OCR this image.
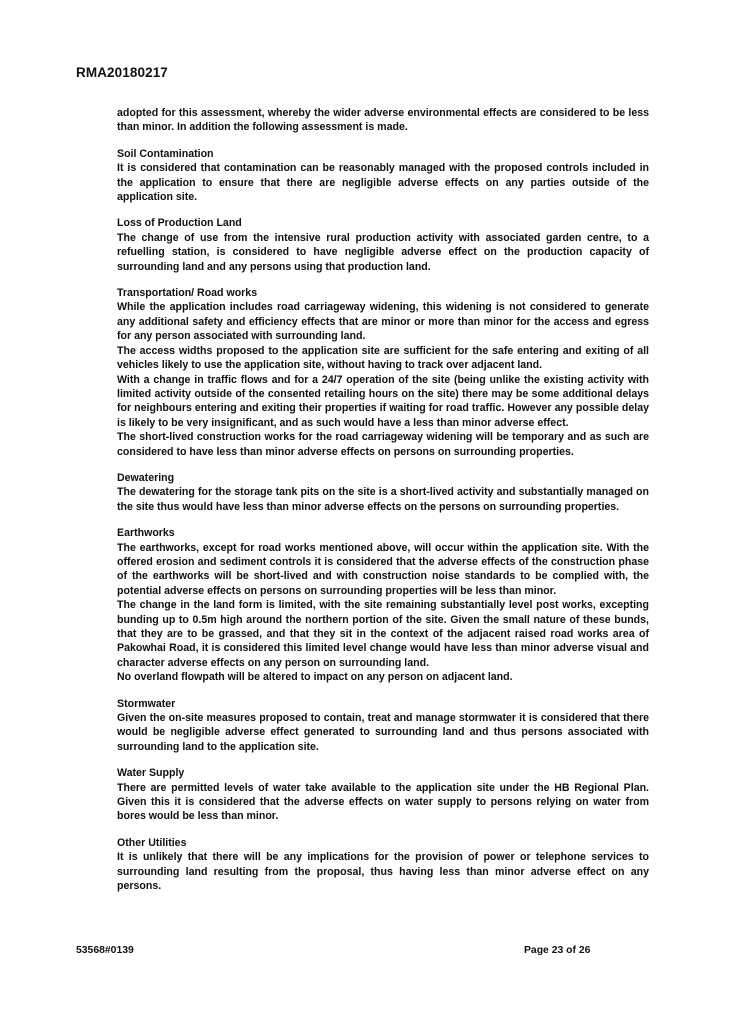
RMA20180217

adopted for this assessment, whereby the wider adverse environmental effects are considered to be less than minor. In addition the following assessment is made.

Soil Contamination

It is considered that contamination can be reasonably managed with the proposed controls included in the application to ensure that there are negligible adverse effects on any parties outside of the application site.

Loss of Production Land

The change of use from the intensive rural production activity with associated garden centre, to a refuelling station, is considered to have negligible adverse effect on the production capacity of surrounding land and any persons using that production land.

Transportation/ Road works

While the application includes road carriageway widening, this widening is not considered to generate any additional safety and efficiency effects that are minor or more than minor for the access and egress for any person associated with surrounding land.

The access widths proposed to the application site are sufficient for the safe entering and exiting of all vehicles likely to use the application site, without having to track over adjacent land.

With a change in traffic flows and for a 24/7 operation of the site (being unlike the existing activity with limited activity outside of the consented retailing hours on the site) there may be some additional delays for neighbours entering and exiting their properties if waiting for road traffic. However any possible delay is likely to be very insignificant, and as such would have a less than minor adverse effect.

The short-lived construction works for the road carriageway widening will be temporary and as such are considered to have less than minor adverse effects on persons on surrounding properties.

Dewatering

The dewatering for the storage tank pits on the site is a short-lived activity and substantially managed on the site thus would have less than minor adverse effects on the persons on surrounding properties.

Earthworks

The earthworks, except for road works mentioned above, will occur within the application site. With the offered erosion and sediment controls it is considered that the adverse effects of the construction phase of the earthworks will be short-lived and with construction noise standards to be complied with, the potential adverse effects on persons on surrounding properties will be less than minor.

The change in the land form is limited, with the site remaining substantially level post works, excepting bunding up to 0.5m high around the northern portion of the site. Given the small nature of these bunds, that they are to be grassed, and that they sit in the context of the adjacent raised road works area of Pakowhai Road, it is considered this limited level change would have less than minor adverse visual and character adverse effects on any person on surrounding land.

No overland flowpath will be altered to impact on any person on adjacent land.

Stormwater

Given the on-site measures proposed to contain, treat and manage stormwater it is considered that there would be negligible adverse effect generated to surrounding land and thus persons associated with surrounding land to the application site.

Water Supply

There are permitted levels of water take available to the application site under the HB Regional Plan. Given this it is considered that the adverse effects on water supply to persons relying on water from bores would be less than minor.

Other Utilities

It is unlikely that there will be any implications for the provision of power or telephone services to surrounding land resulting from the proposal, thus having less than minor adverse effect on any persons.

53568#0139	Page 23 of 26
